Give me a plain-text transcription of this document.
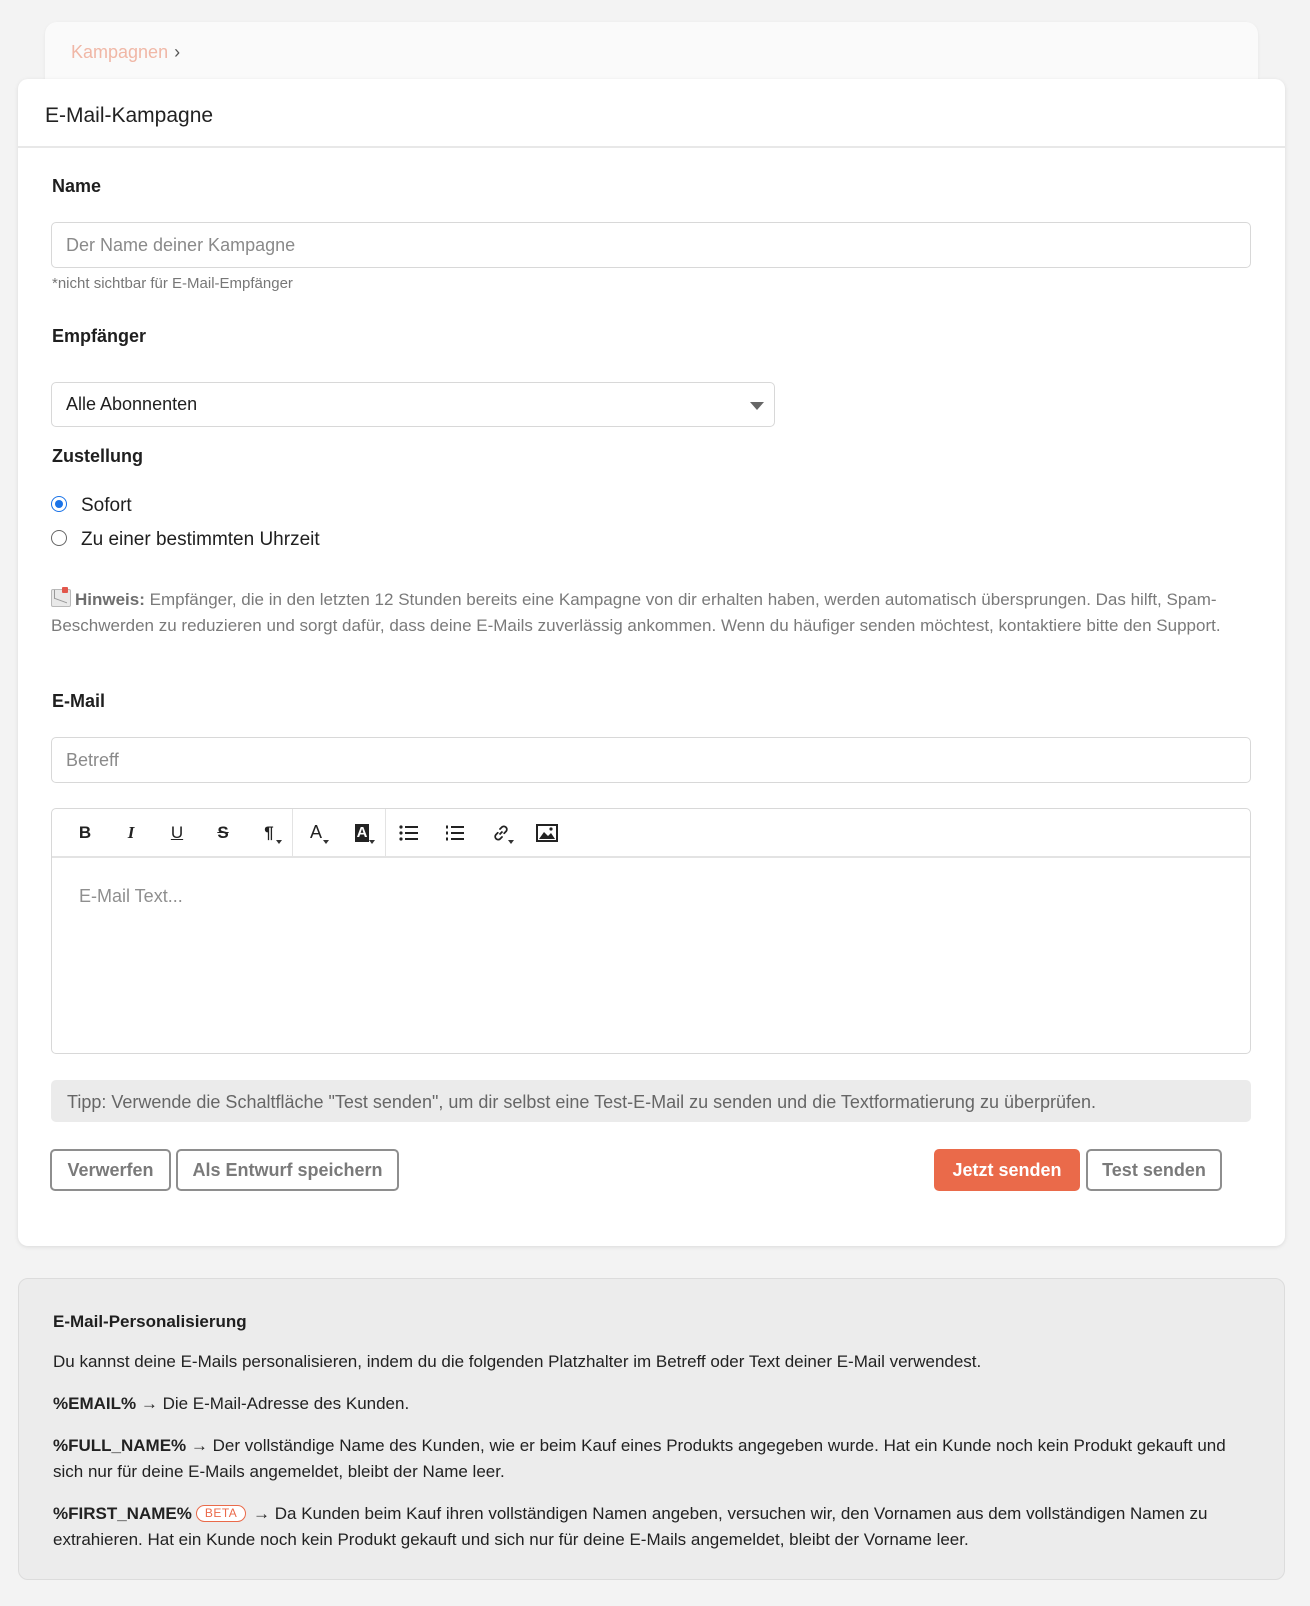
Kampagnen ›
E-Mail-Kampagne
Name
Der Name deiner Kampagne
*nicht sichtbar für E-Mail-Empfänger
Empfänger
Alle Abonnenten
Zustellung
Sofort
Zu einer bestimmten Uhrzeit
Hinweis: Empfänger, die in den letzten 12 Stunden bereits eine Kampagne von dir erhalten haben, werden automatisch übersprungen. Das hilft, Spam-Beschwerden zu reduzieren und sorgt dafür, dass deine E-Mails zuverlässig ankommen. Wenn du häufiger senden möchtest, kontaktiere bitte den Support.
E-Mail
Betreff
B I U S ¶ A A
E-Mail Text...
Tipp: Verwende die Schaltfläche "Test senden", um dir selbst eine Test-E-Mail zu senden und die Textformatierung zu überprüfen.
Verwerfen	Als Entwurf speichern	Jetzt senden	Test senden
E-Mail-Personalisierung
Du kannst deine E-Mails personalisieren, indem du die folgenden Platzhalter im Betreff oder Text deiner E-Mail verwendest.
%EMAIL% → Die E-Mail-Adresse des Kunden.
%FULL_NAME% → Der vollständige Name des Kunden, wie er beim Kauf eines Produkts angegeben wurde. Hat ein Kunde noch kein Produkt gekauft und sich nur für deine E-Mails angemeldet, bleibt der Name leer.
%FIRST_NAME% BETA → Da Kunden beim Kauf ihren vollständigen Namen angeben, versuchen wir, den Vornamen aus dem vollständigen Namen zu extrahieren. Hat ein Kunde noch kein Produkt gekauft und sich nur für deine E-Mails angemeldet, bleibt der Vorname leer.
